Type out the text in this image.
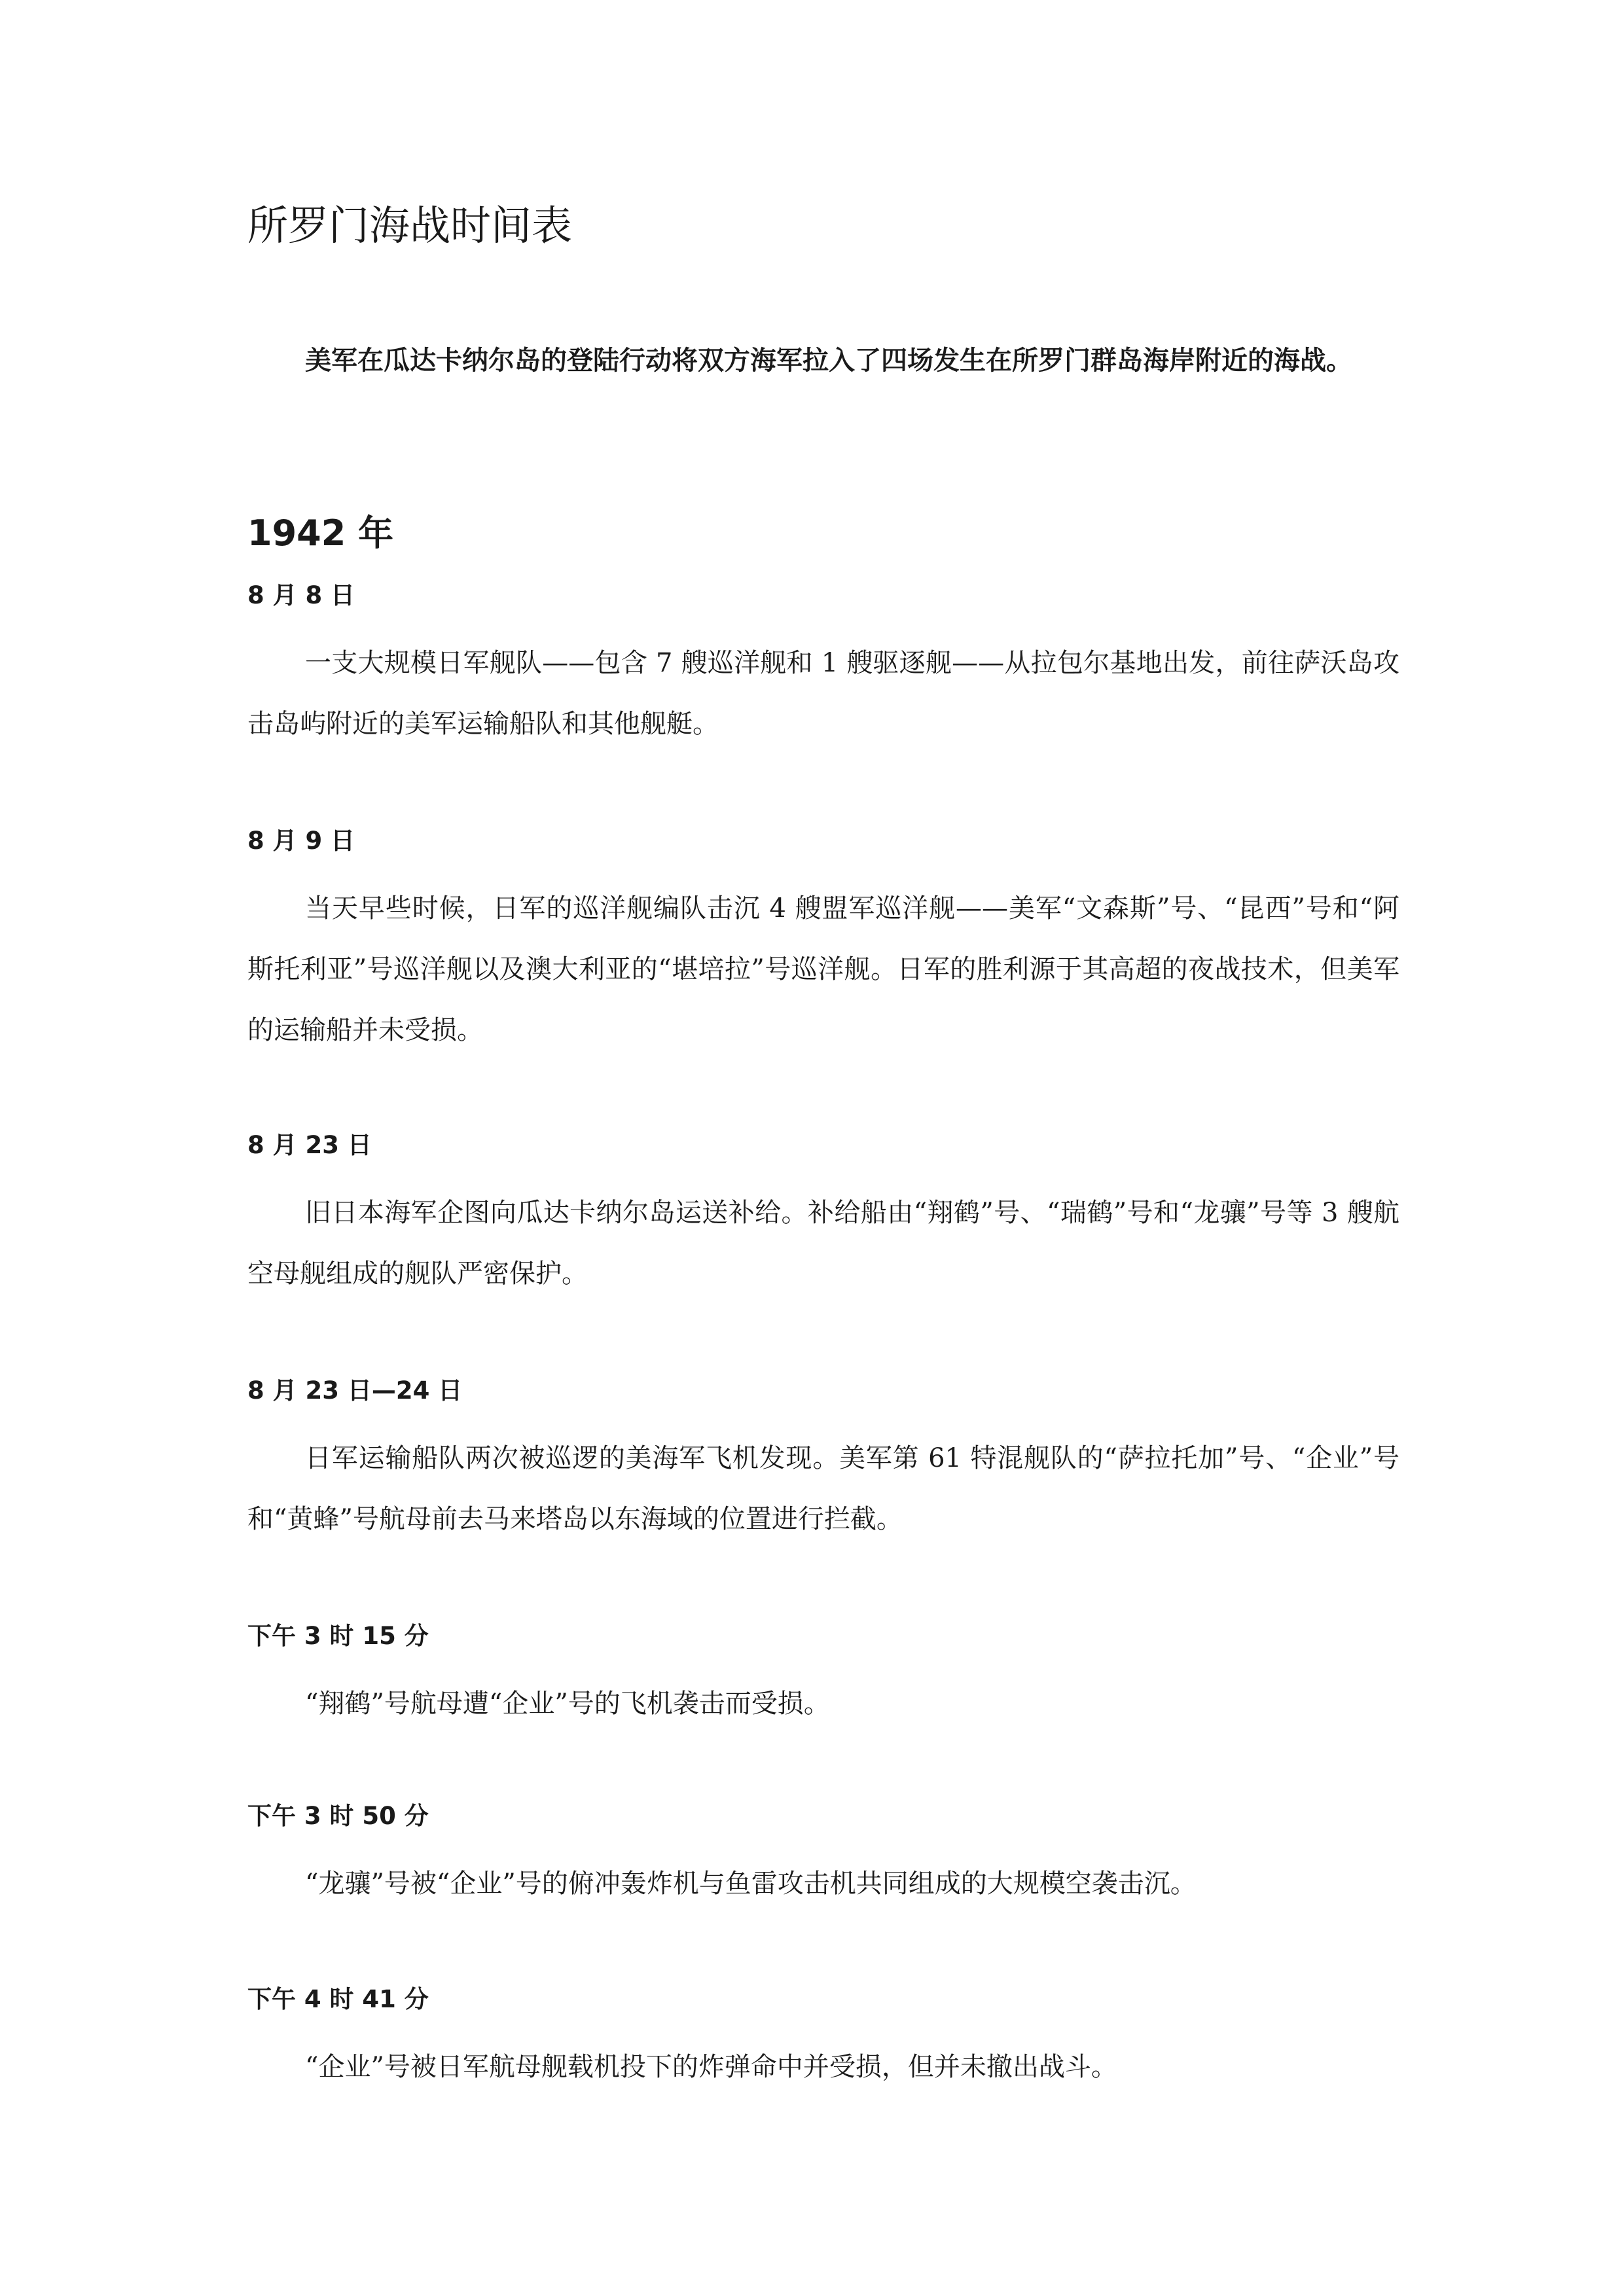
所罗门海战时间表

美军在瓜达卡纳尔岛的登陆行动将双方海军拉入了四场发生在所罗门群岛海岸附近的海战。

1942 年
8 月 8 日

一支大规模日军舰队——包含 7 艘巡洋舰和 1 艘驱逐舰——从拉包尔基地出发，前往萨沃岛攻击岛屿附近的美军运输船队和其他舰艇。

8 月 9 日

当天早些时候，日军的巡洋舰编队击沉 4 艘盟军巡洋舰——美军“文森斯”号、“昆西”号和“阿斯托利亚”号巡洋舰以及澳大利亚的“堪培拉”号巡洋舰。日军的胜利源于其高超的夜战技术，但美军的运输船并未受损。

8 月 23 日

旧日本海军企图向瓜达卡纳尔岛运送补给。补给船由“翔鹤”号、“瑞鹤”号和“龙骧”号等 3 艘航空母舰组成的舰队严密保护。

8 月 23 日—24 日

日军运输船队两次被巡逻的美海军飞机发现。美军第 61 特混舰队的“萨拉托加”号、“企业”号和“黄蜂”号航母前去马来塔岛以东海域的位置进行拦截。

下午 3 时 15 分

“翔鹤”号航母遭“企业”号的飞机袭击而受损。

下午 3 时 50 分

“龙骧”号被“企业”号的俯冲轰炸机与鱼雷攻击机共同组成的大规模空袭击沉。

下午 4 时 41 分

“企业”号被日军航母舰载机投下的炸弹命中并受损，但并未撤出战斗。
